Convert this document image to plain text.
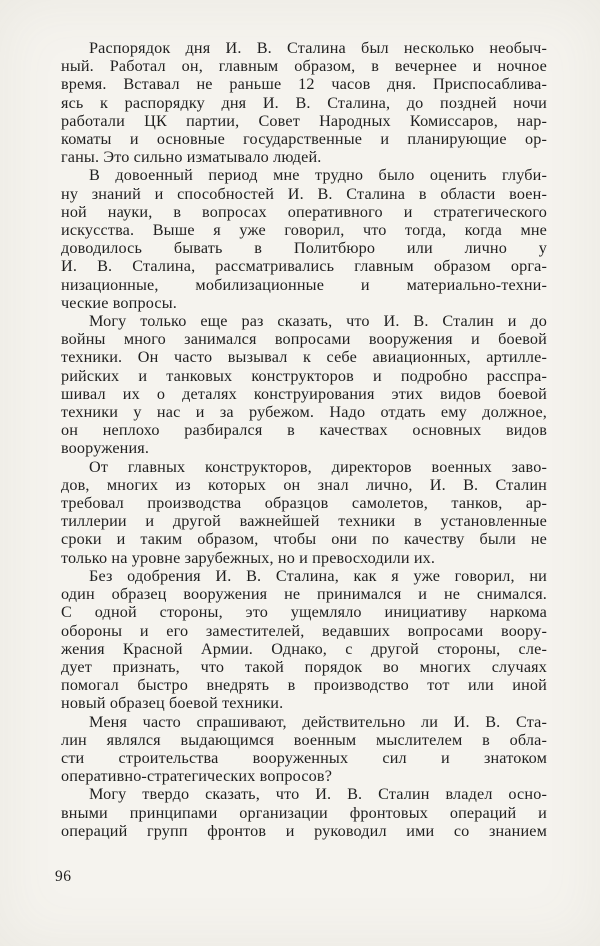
Распорядок дня И. В. Сталина был несколько необыч-
ный. Работал он, главным образом, в вечернее и ночное
время. Вставал не раньше 12 часов дня. Приспосаблива-
ясь к распорядку дня И. В. Сталина, до поздней ночи
работали ЦК партии, Совет Народных Комиссаров, нар-
коматы и основные государственные и планирующие ор-
ганы. Это сильно изматывало людей.

В довоенный период мне трудно было оценить глуби-
ну знаний и способностей И. В. Сталина в области воен-
ной науки, в вопросах оперативного и стратегического
искусства. Выше я уже говорил, что тогда, когда мне
доводилось бывать в Политбюро или лично у
И. В. Сталина, рассматривались главным образом орга-
низационные, мобилизационные и материально-техни-
ческие вопросы.

Могу только еще раз сказать, что И. В. Сталин и до
войны много занимался вопросами вооружения и боевой
техники. Он часто вызывал к себе авиационных, артилле-
рийских и танковых конструкторов и подробно расспра-
шивал их о деталях конструирования этих видов боевой
техники у нас и за рубежом. Надо отдать ему должное,
он неплохо разбирался в качествах основных видов
вооружения.

От главных конструкторов, директоров военных заво-
дов, многих из которых он знал лично, И. В. Сталин
требовал производства образцов самолетов, танков, ар-
тиллерии и другой важнейшей техники в установленные
сроки и таким образом, чтобы они по качеству были не
только на уровне зарубежных, но и превосходили их.

Без одобрения И. В. Сталина, как я уже говорил, ни
один образец вооружения не принимался и не снимался.
С одной стороны, это ущемляло инициативу наркома
обороны и его заместителей, ведавших вопросами воору-
жения Красной Армии. Однако, с другой стороны, сле-
дует признать, что такой порядок во многих случаях
помогал быстро внедрять в производство тот или иной
новый образец боевой техники.

Меня часто спрашивают, действительно ли И. В. Ста-
лин являлся выдающимся военным мыслителем в обла-
сти строительства вооруженных сил и знатоком
оперативно-стратегических вопросов?

Могу твердо сказать, что И. В. Сталин владел осно-
вными принципами организации фронтовых операций и
операций групп фронтов и руководил ими со знанием

96
